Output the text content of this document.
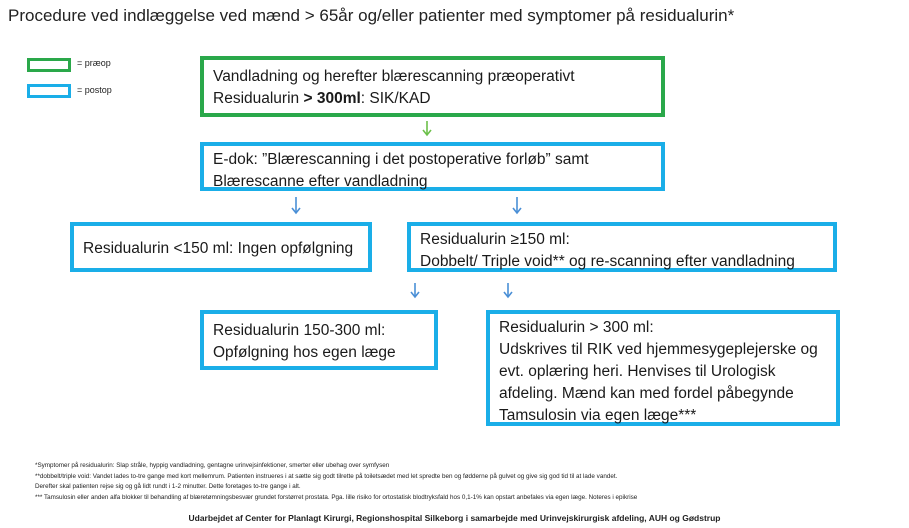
Procedure ved indlæggelse ved mænd > 65år og/eller patienter med symptomer på residualurin*
= præop
= postop
Vandladning og herefter blærescanning præoperativt
Residualurin > 300ml: SIK/KAD
E-dok: ”Blærescanning i det postoperative forløb” samt
Blærescanne efter vandladning
Residualurin <150 ml: Ingen opfølgning
Residualurin ≥150 ml:
Dobbelt/ Triple void** og re-scanning efter vandladning
Residualurin 150-300 ml:
Opfølgning hos egen læge
Residualurin > 300 ml:
Udskrives til RIK ved hjemmesygeplejerske og
evt. oplæring heri. Henvises til Urologisk
afdeling. Mænd kan med fordel påbegynde
Tamsulosin via egen læge***
*Symptomer på residualurin: Slap stråle, hyppig vandladning, gentagne urinvejsinfektioner, smerter eller ubehag over symfysen
**dobbelt/triple void: Vandet lades to-tre gange med kort mellemrum. Patienten instrueres i at sætte sig godt tilrette på toiletsædet med let spredte ben og fødderne på gulvet og give sig god tid til at lade vandet.
Derefter skal patienten rejse sig og gå lidt rundt i 1-2 minutter. Dette foretages to-tre gange i alt.
*** Tamsulosin eller anden alfa blokker til behandling af blæretømningsbesvær grundet forstørret prostata. Pga. lille risiko for ortostatisk blodtryksfald hos 0,1-1% kan opstart anbefales via egen læge. Noteres i epikrise
Udarbejdet af Center for Planlagt Kirurgi, Regionshospital Silkeborg i samarbejde med Urinvejskirurgisk afdeling, AUH og Gødstrup
